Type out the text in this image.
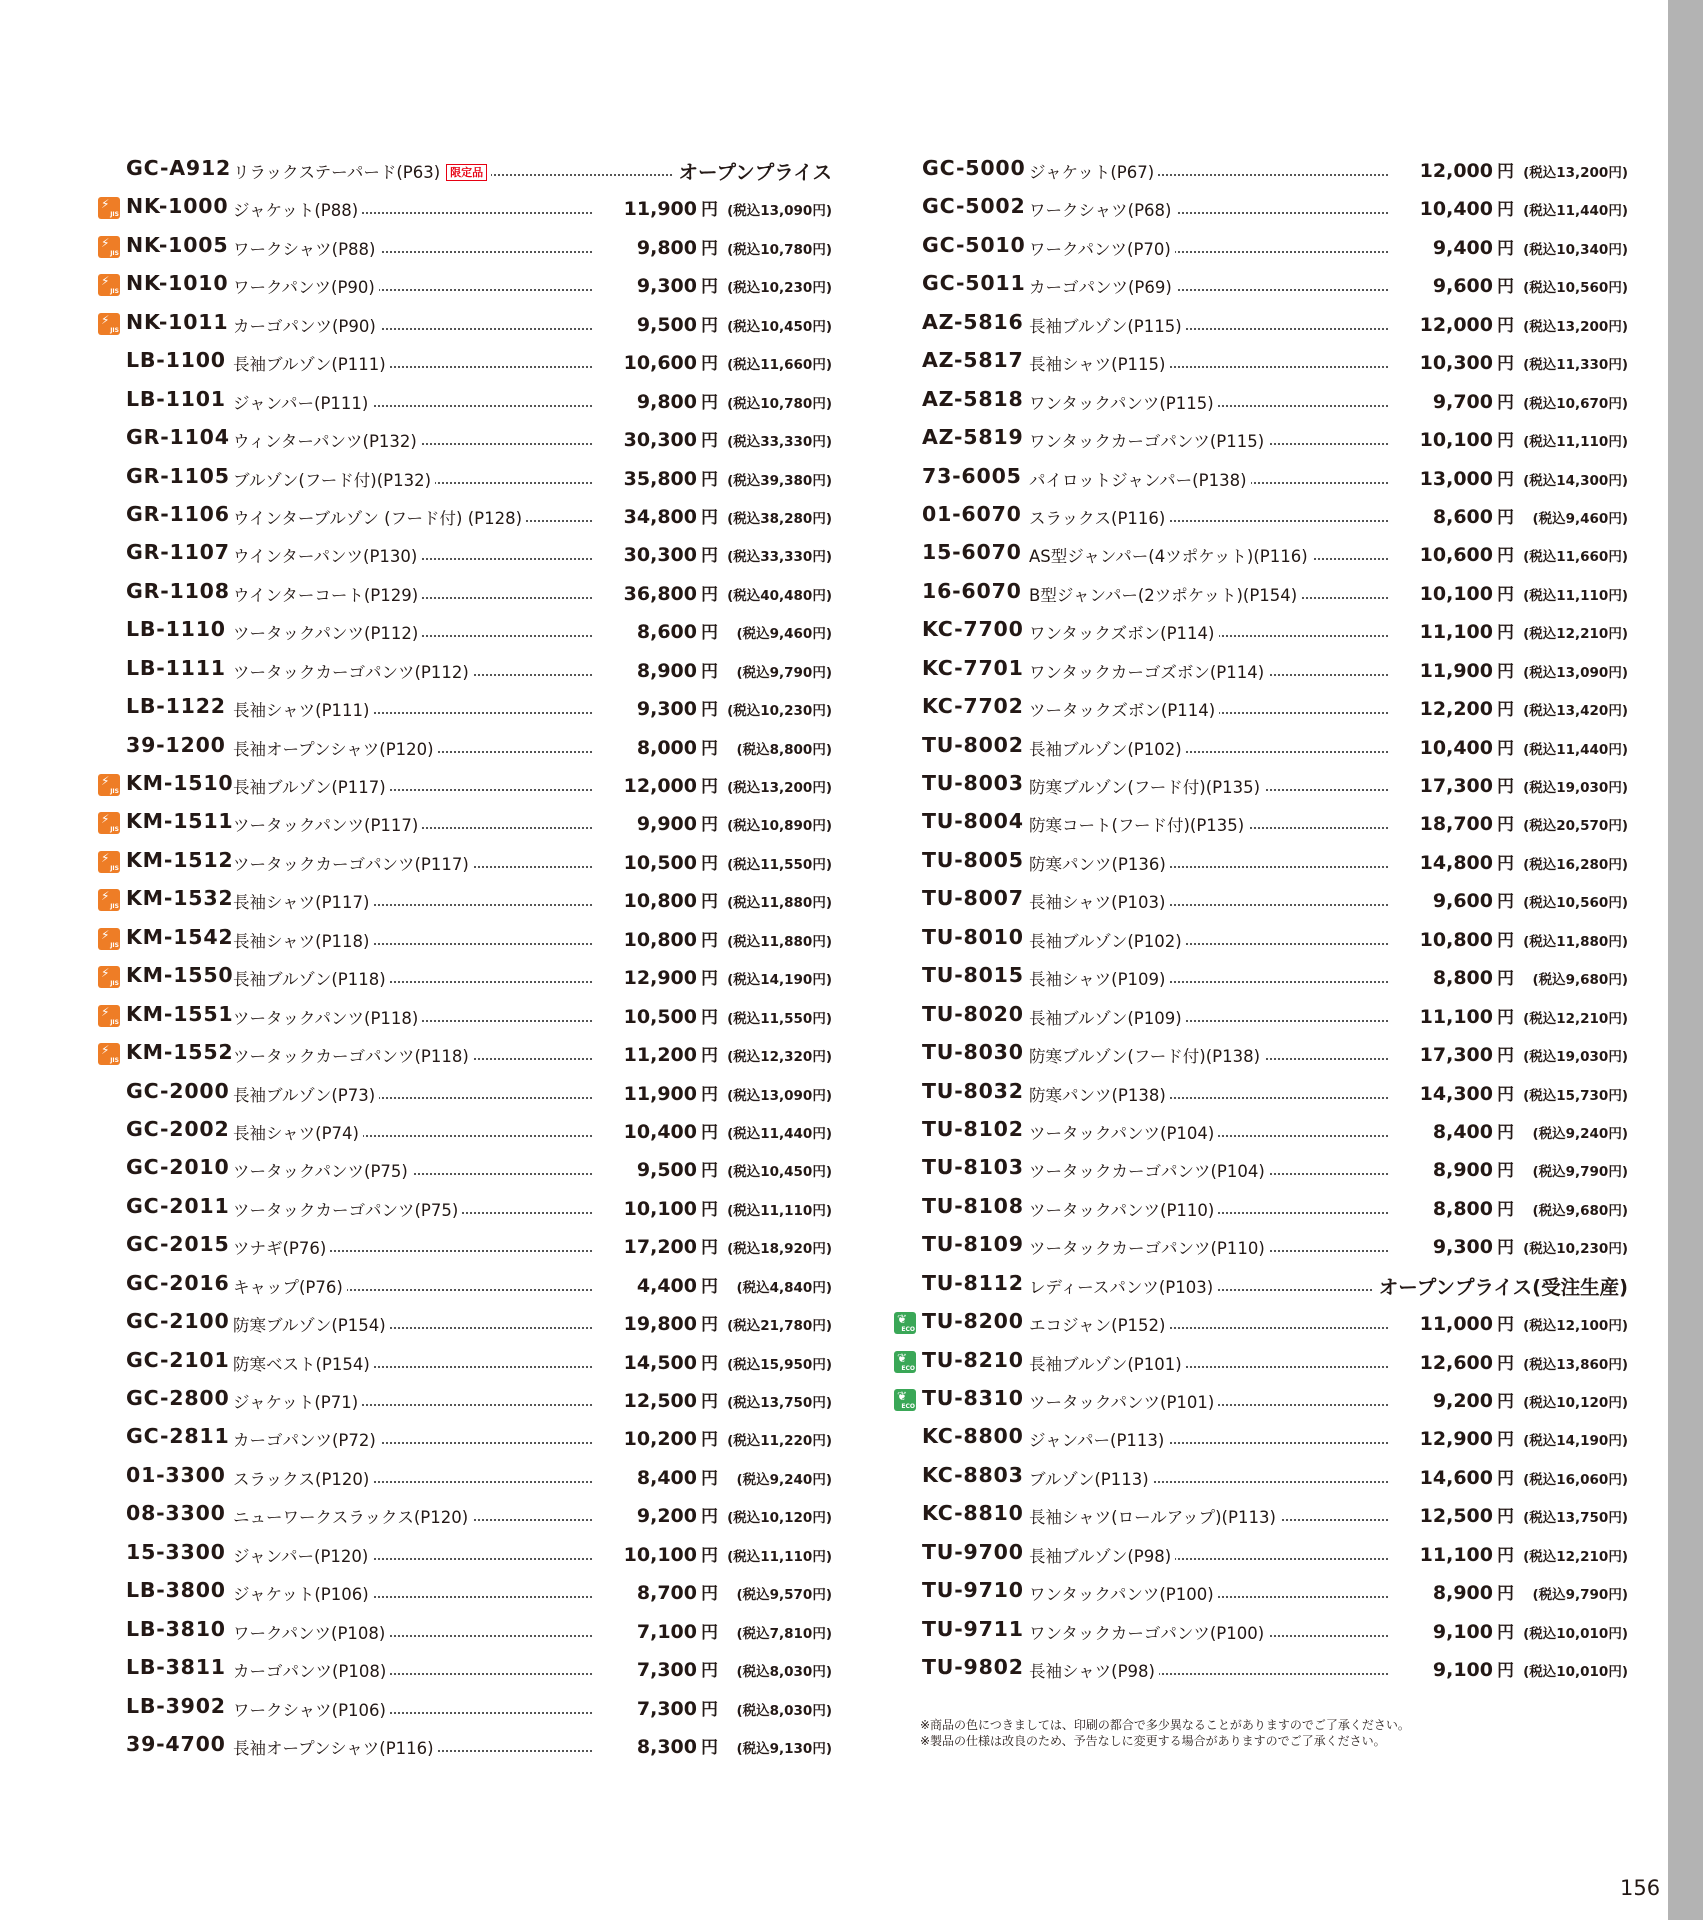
GC-A912 リラックステーパード(P63) 限定品	オープンプライス
⚡
JIS NK-1000 ジャケット(P88)	11,900 円 (税込13,090円)
⚡
JIS NK-1005 ワークシャツ(P88)	9,800 円 (税込10,780円)
⚡
JIS NK-1010 ワークパンツ(P90)	9,300 円 (税込10,230円)
⚡
JIS NK-1011 カーゴパンツ(P90)	9,500 円 (税込10,450円)
LB-1100 長袖ブルゾン(P111)	10,600 円 (税込11,660円)
LB-1101 ジャンパー(P111)	9,800 円 (税込10,780円)
GR-1104 ウィンターパンツ(P132)	30,300 円 (税込33,330円)
GR-1105 ブルゾン(フード付)(P132)	35,800 円 (税込39,380円)
GR-1106 ウインターブルゾン (フード付) (P128)	34,800 円 (税込38,280円)
GR-1107 ウインターパンツ(P130)	30,300 円 (税込33,330円)
GR-1108 ウインターコート(P129)	36,800 円 (税込40,480円)
LB-1110 ツータックパンツ(P112)	8,600 円	(税込9,460円)
LB-1111 ツータックカーゴパンツ(P112)	8,900 円	(税込9,790円)
LB-1122 長袖シャツ(P111)	9,300 円 (税込10,230円)
39-1200 長袖オープンシャツ(P120)	8,000 円	(税込8,800円)
⚡
JIS KM-1510 長袖ブルゾン(P117)	12,000 円 (税込13,200円)
⚡
JIS KM-1511 ツータックパンツ(P117)	9,900 円 (税込10,890円)
⚡
JIS KM-1512 ツータックカーゴパンツ(P117)	10,500 円 (税込11,550円)
⚡
JIS KM-1532 長袖シャツ(P117)	10,800 円 (税込11,880円)
⚡
JIS KM-1542 長袖シャツ(P118)	10,800 円 (税込11,880円)
⚡
JIS KM-1550 長袖ブルゾン(P118)	12,900 円 (税込14,190円)
⚡
JIS KM-1551 ツータックパンツ(P118)	10,500 円 (税込11,550円)
⚡
JIS KM-1552 ツータックカーゴパンツ(P118)	11,200 円 (税込12,320円)
GC-2000 長袖ブルゾン(P73)	11,900 円 (税込13,090円)
GC-2002 長袖シャツ(P74)	10,400 円 (税込11,440円)
GC-2010 ツータックパンツ(P75)	9,500 円 (税込10,450円)
GC-2011 ツータックカーゴパンツ(P75)	10,100 円 (税込11,110円)
GC-2015 ツナギ(P76)	17,200 円 (税込18,920円)
GC-2016 キャップ(P76)	4,400 円	(税込4,840円)
GC-2100 防寒ブルゾン(P154)	19,800 円 (税込21,780円)
GC-2101 防寒ベスト(P154)	14,500 円 (税込15,950円)
GC-2800 ジャケット(P71)	12,500 円 (税込13,750円)
GC-2811 カーゴパンツ(P72)	10,200 円 (税込11,220円)
01-3300 スラックス(P120)	8,400 円	(税込9,240円)
08-3300 ニューワークスラックス(P120)	9,200 円 (税込10,120円)
15-3300 ジャンパー(P120)	10,100 円 (税込11,110円)
LB-3800 ジャケット(P106)	8,700 円	(税込9,570円)
LB-3810 ワークパンツ(P108)	7,100 円	(税込7,810円)
LB-3811 カーゴパンツ(P108)	7,300 円	(税込8,030円)
LB-3902 ワークシャツ(P106)	7,300 円	(税込8,030円)
39-4700 長袖オープンシャツ(P116)	8,300 円	(税込9,130円)
GC-5000 ジャケット(P67)	12,000 円 (税込13,200円)
GC-5002 ワークシャツ(P68)	10,400 円 (税込11,440円)
GC-5010 ワークパンツ(P70)	9,400 円 (税込10,340円)
GC-5011 カーゴパンツ(P69)	9,600 円 (税込10,560円)
AZ-5816 長袖ブルゾン(P115)	12,000 円 (税込13,200円)
AZ-5817 長袖シャツ(P115)	10,300 円 (税込11,330円)
AZ-5818 ワンタックパンツ(P115)	9,700 円 (税込10,670円)
AZ-5819 ワンタックカーゴパンツ(P115)	10,100 円 (税込11,110円)
73-6005 パイロットジャンパー(P138)	13,000 円 (税込14,300円)
01-6070 スラックス(P116)	8,600 円	(税込9,460円)
15-6070 AS型ジャンパー(4ツポケット)(P116)	10,600 円 (税込11,660円)
16-6070 B型ジャンパー(2ツポケット)(P154)	10,100 円 (税込11,110円)
KC-7700 ワンタックズボン(P114)	11,100 円 (税込12,210円)
KC-7701 ワンタックカーゴズボン(P114)	11,900 円 (税込13,090円)
KC-7702 ツータックズボン(P114)	12,200 円 (税込13,420円)
TU-8002 長袖ブルゾン(P102)	10,400 円 (税込11,440円)
TU-8003 防寒ブルゾン(フード付)(P135)	17,300 円 (税込19,030円)
TU-8004 防寒コート(フード付)(P135)	18,700 円 (税込20,570円)
TU-8005 防寒パンツ(P136)	14,800 円 (税込16,280円)
TU-8007 長袖シャツ(P103)	9,600 円 (税込10,560円)
TU-8010 長袖ブルゾン(P102)	10,800 円 (税込11,880円)
TU-8015 長袖シャツ(P109)	8,800 円	(税込9,680円)
TU-8020 長袖ブルゾン(P109)	11,100 円 (税込12,210円)
TU-8030 防寒ブルゾン(フード付)(P138)	17,300 円 (税込19,030円)
TU-8032 防寒パンツ(P138)	14,300 円 (税込15,730円)
TU-8102 ツータックパンツ(P104)	8,400 円	(税込9,240円)
TU-8103 ツータックカーゴパンツ(P104)	8,900 円	(税込9,790円)
TU-8108 ツータックパンツ(P110)	8,800 円	(税込9,680円)
TU-8109 ツータックカーゴパンツ(P110)	9,300 円 (税込10,230円)
TU-8112 レディースパンツ(P103)	オープンプライス(受注生産)
❦
ECO TU-8200 エコジャン(P152)	11,000 円 (税込12,100円)
❦
ECO TU-8210 長袖ブルゾン(P101)	12,600 円 (税込13,860円)
❦
ECO TU-8310 ツータックパンツ(P101)	9,200 円 (税込10,120円)
KC-8800 ジャンパー(P113)	12,900 円 (税込14,190円)
KC-8803 ブルゾン(P113)	14,600 円 (税込16,060円)
KC-8810 長袖シャツ(ロールアップ)(P113)	12,500 円 (税込13,750円)
TU-9700 長袖ブルゾン(P98)	11,100 円 (税込12,210円)
TU-9710 ワンタックパンツ(P100)	8,900 円	(税込9,790円)
TU-9711 ワンタックカーゴパンツ(P100)	9,100 円 (税込10,010円)
TU-9802 長袖シャツ(P98)	9,100 円 (税込10,010円)
※商品の色につきましては、印刷の都合で多少異なることがありますのでご了承ください。
※製品の仕様は改良のため、予告なしに変更する場合がありますのでご了承ください。
156
